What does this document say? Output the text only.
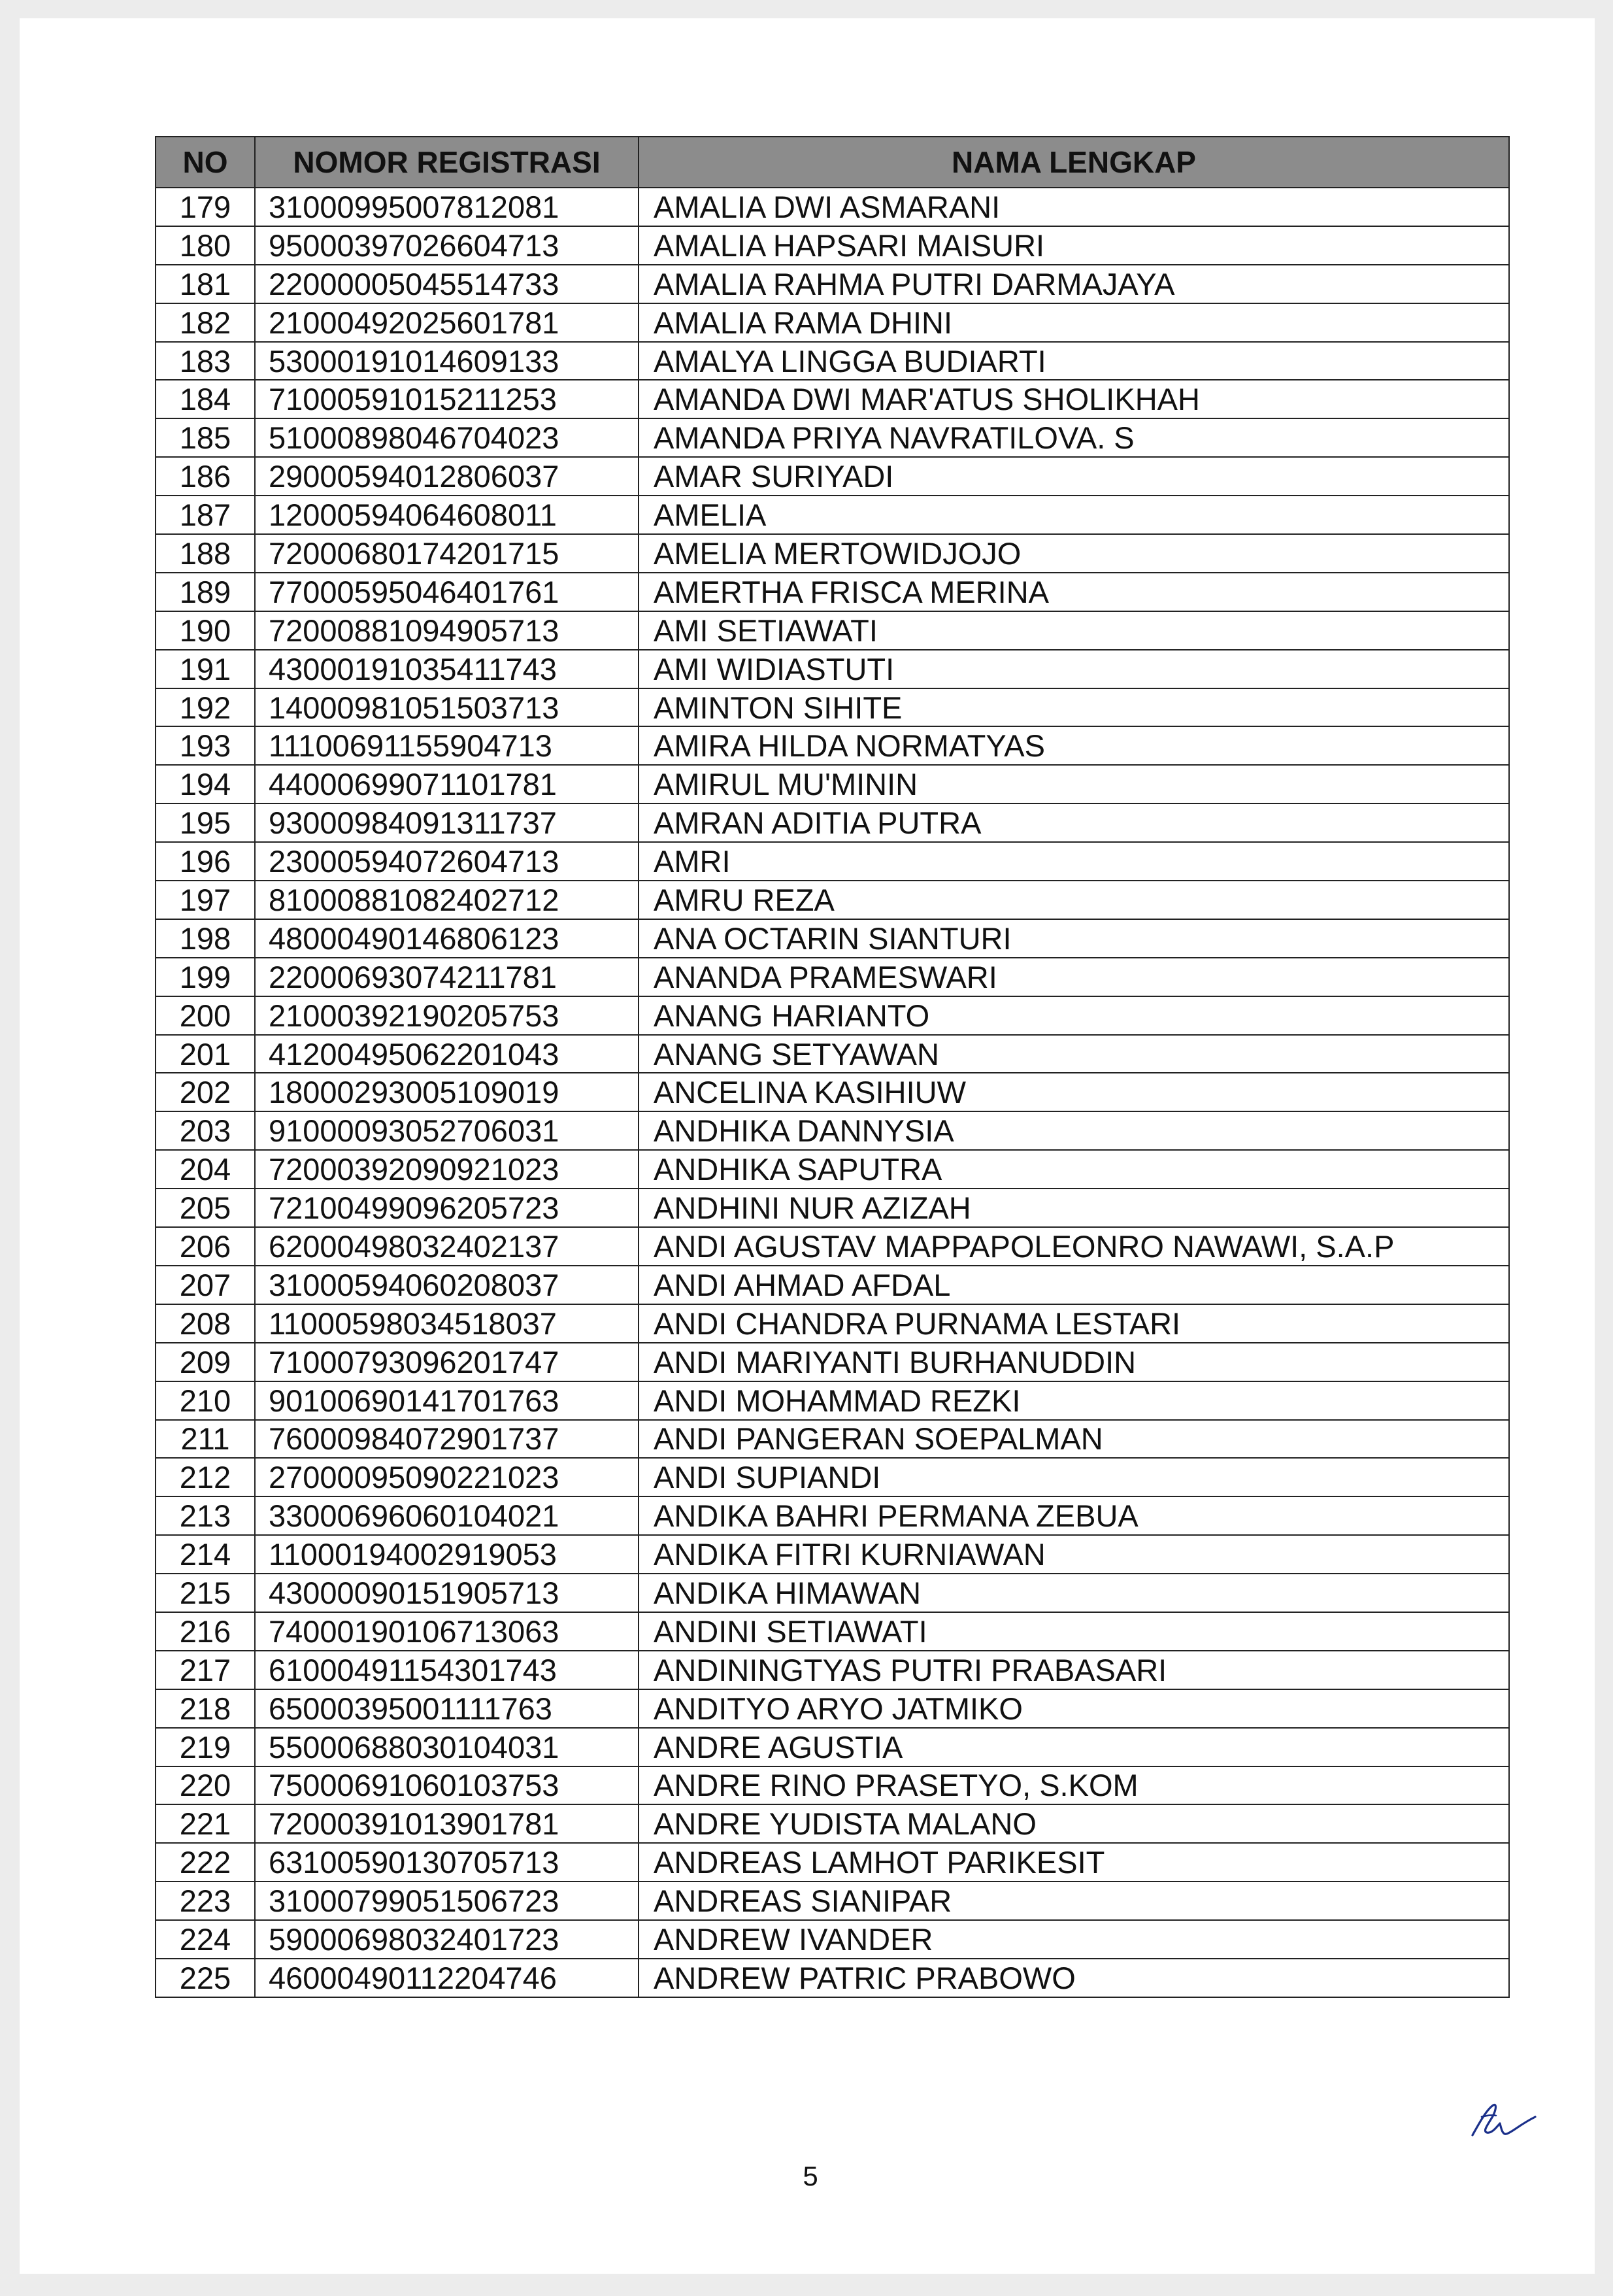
NO	NOMOR REGISTRASI	NAMA LENGKAP
179	31000995007812081	AMALIA DWI ASMARANI
180	95000397026604713	AMALIA HAPSARI MAISURI
181	22000005045514733	AMALIA RAHMA PUTRI DARMAJAYA
182	21000492025601781	AMALIA RAMA DHINI
183	53000191014609133	AMALYA LINGGA BUDIARTI
184	71000591015211253	AMANDA DWI MAR'ATUS SHOLIKHAH
185	51000898046704023	AMANDA PRIYA NAVRATILOVA. S
186	29000594012806037	AMAR SURIYADI
187	12000594064608011	AMELIA
188	72000680174201715	AMELIA MERTOWIDJOJO
189	77000595046401761	AMERTHA FRISCA MERINA
190	72000881094905713	AMI SETIAWATI
191	43000191035411743	AMI WIDIASTUTI
192	14000981051503713	AMINTON SIHITE
193	11100691155904713	AMIRA HILDA NORMATYAS
194	44000699071101781	AMIRUL MU'MININ
195	93000984091311737	AMRAN ADITIA PUTRA
196	23000594072604713	AMRI
197	81000881082402712	AMRU REZA
198	48000490146806123	ANA OCTARIN SIANTURI
199	22000693074211781	ANANDA PRAMESWARI
200	21000392190205753	ANANG HARIANTO
201	41200495062201043	ANANG SETYAWAN
202	18000293005109019	ANCELINA KASIHIUW
203	91000093052706031	ANDHIKA DANNYSIA
204	72000392090921023	ANDHIKA SAPUTRA
205	72100499096205723	ANDHINI NUR AZIZAH
206	62000498032402137	ANDI AGUSTAV MAPPAPOLEONRO NAWAWI, S.A.P
207	31000594060208037	ANDI AHMAD AFDAL
208	11000598034518037	ANDI CHANDRA PURNAMA LESTARI
209	71000793096201747	ANDI MARIYANTI BURHANUDDIN
210	90100690141701763	ANDI MOHAMMAD REZKI
211	76000984072901737	ANDI PANGERAN SOEPALMAN
212	27000095090221023	ANDI SUPIANDI
213	33000696060104021	ANDIKA BAHRI PERMANA ZEBUA
214	11000194002919053	ANDIKA FITRI KURNIAWAN
215	43000090151905713	ANDIKA HIMAWAN
216	74000190106713063	ANDINI SETIAWATI
217	61000491154301743	ANDININGTYAS PUTRI PRABASARI
218	65000395001111763	ANDITYO ARYO JATMIKO
219	55000688030104031	ANDRE AGUSTIA
220	75000691060103753	ANDRE RINO PRASETYO, S.KOM
221	72000391013901781	ANDRE YUDISTA MALANO
222	63100590130705713	ANDREAS LAMHOT PARIKESIT
223	31000799051506723	ANDREAS SIANIPAR
224	59000698032401723	ANDREW IVANDER
225	46000490112204746	ANDREW PATRIC PRABOWO
5
